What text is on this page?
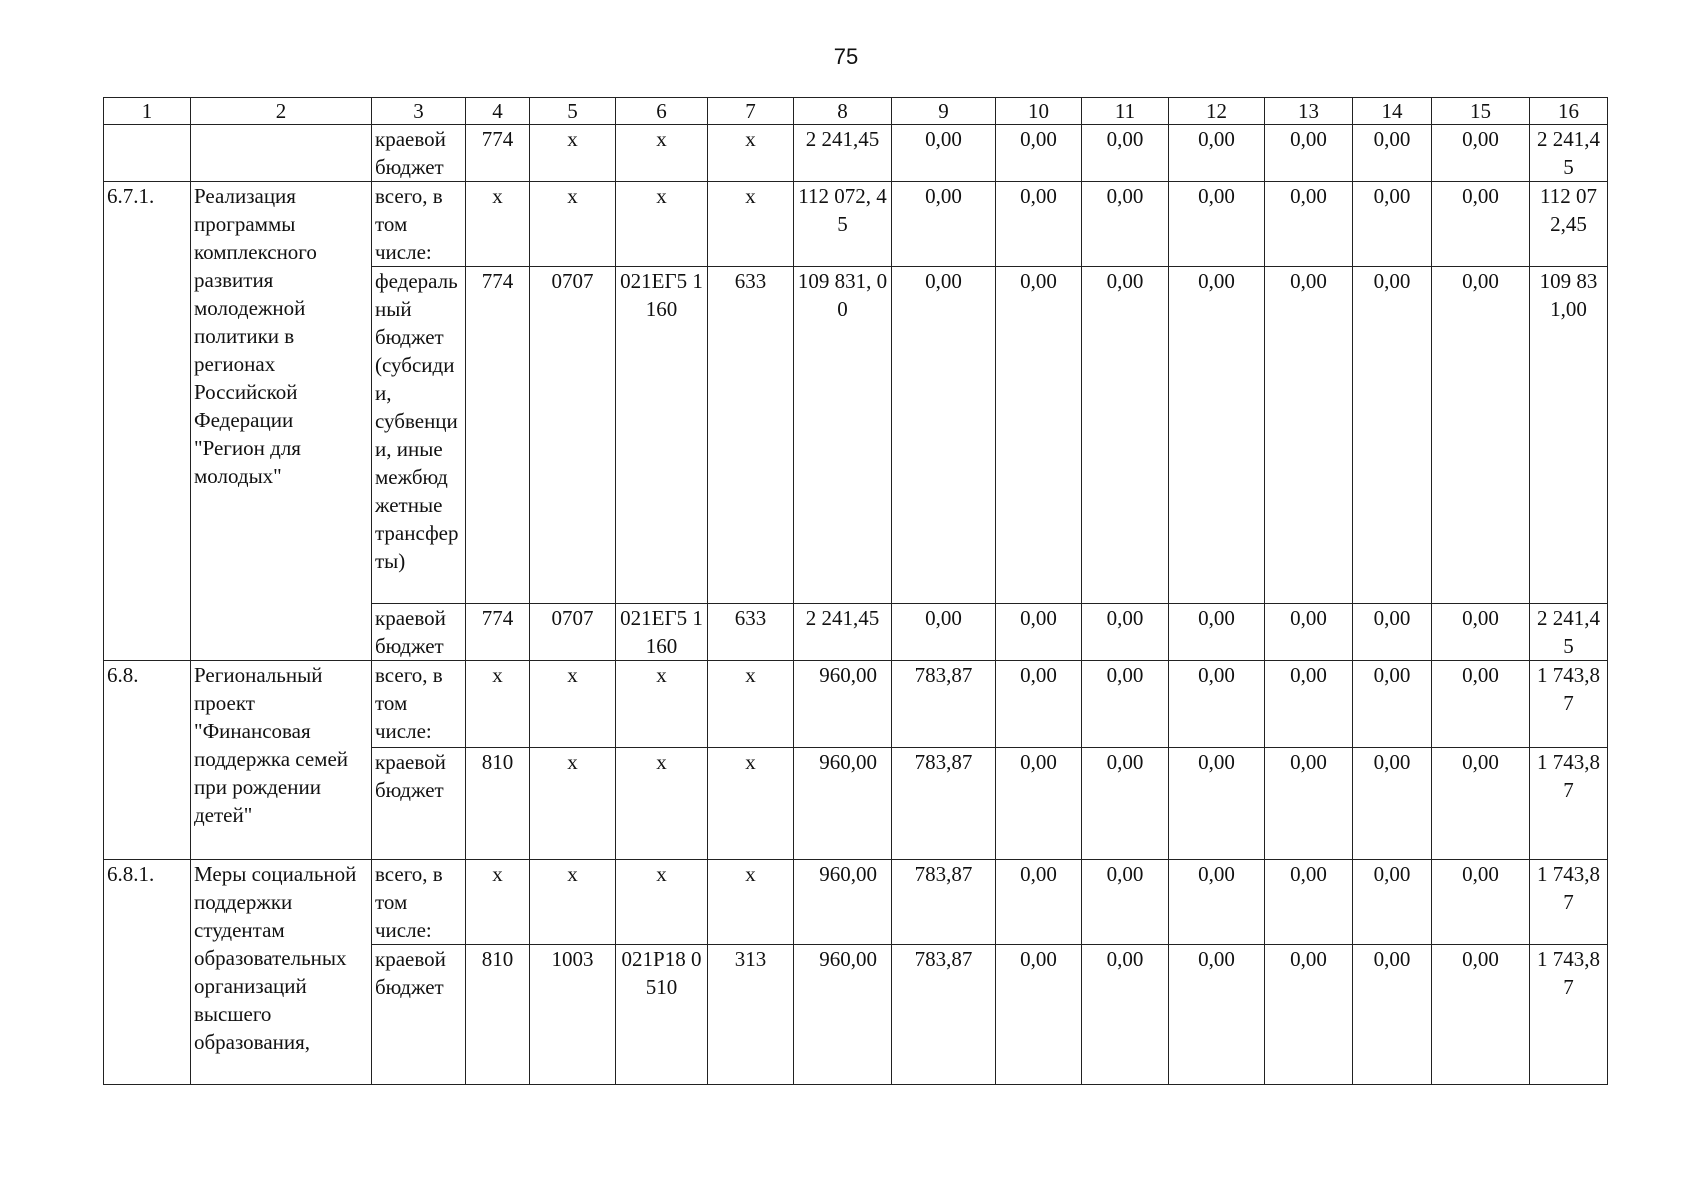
75
1	2	3	4	5	6	7	8	9	10	11	12	13	14	15	16
		краевой бюджет	774	x	x	x	2 241,45	0,00	0,00	0,00	0,00	0,00	0,00	0,00	2 241,4 5
6.7.1.	Реализация программы комплексного развития молодежной политики в регионах Российской Федерации "Регион для молодых"	всего, в том числе:	x	x	x	x	112 072, 45	0,00	0,00	0,00	0,00	0,00	0,00	0,00	112 07 2,45
		федеральный бюджет (субсидии, субвенции, иные межбюджетные трансферты)	774	0707	021ЕГ5 1160	633	109 831, 00	0,00	0,00	0,00	0,00	0,00	0,00	0,00	109 83 1,00
		краевой бюджет	774	0707	021ЕГ5 1160	633	2 241,45	0,00	0,00	0,00	0,00	0,00	0,00	0,00	2 241,4 5
6.8.	Региональный проект "Финансовая поддержка семей при рождении детей"	всего, в том числе:	x	x	x	x	960,00	783,87	0,00	0,00	0,00	0,00	0,00	0,00	1 743,8 7
		краевой бюджет	810	x	x	x	960,00	783,87	0,00	0,00	0,00	0,00	0,00	0,00	1 743,8 7
6.8.1.	Меры социальной поддержки студентам образовательных организаций высшего образования,	всего, в том числе:	x	x	x	x	960,00	783,87	0,00	0,00	0,00	0,00	0,00	0,00	1 743,8 7
		краевой бюджет	810	1003	021Р18 0510	313	960,00	783,87	0,00	0,00	0,00	0,00	0,00	0,00	1 743,8 7
